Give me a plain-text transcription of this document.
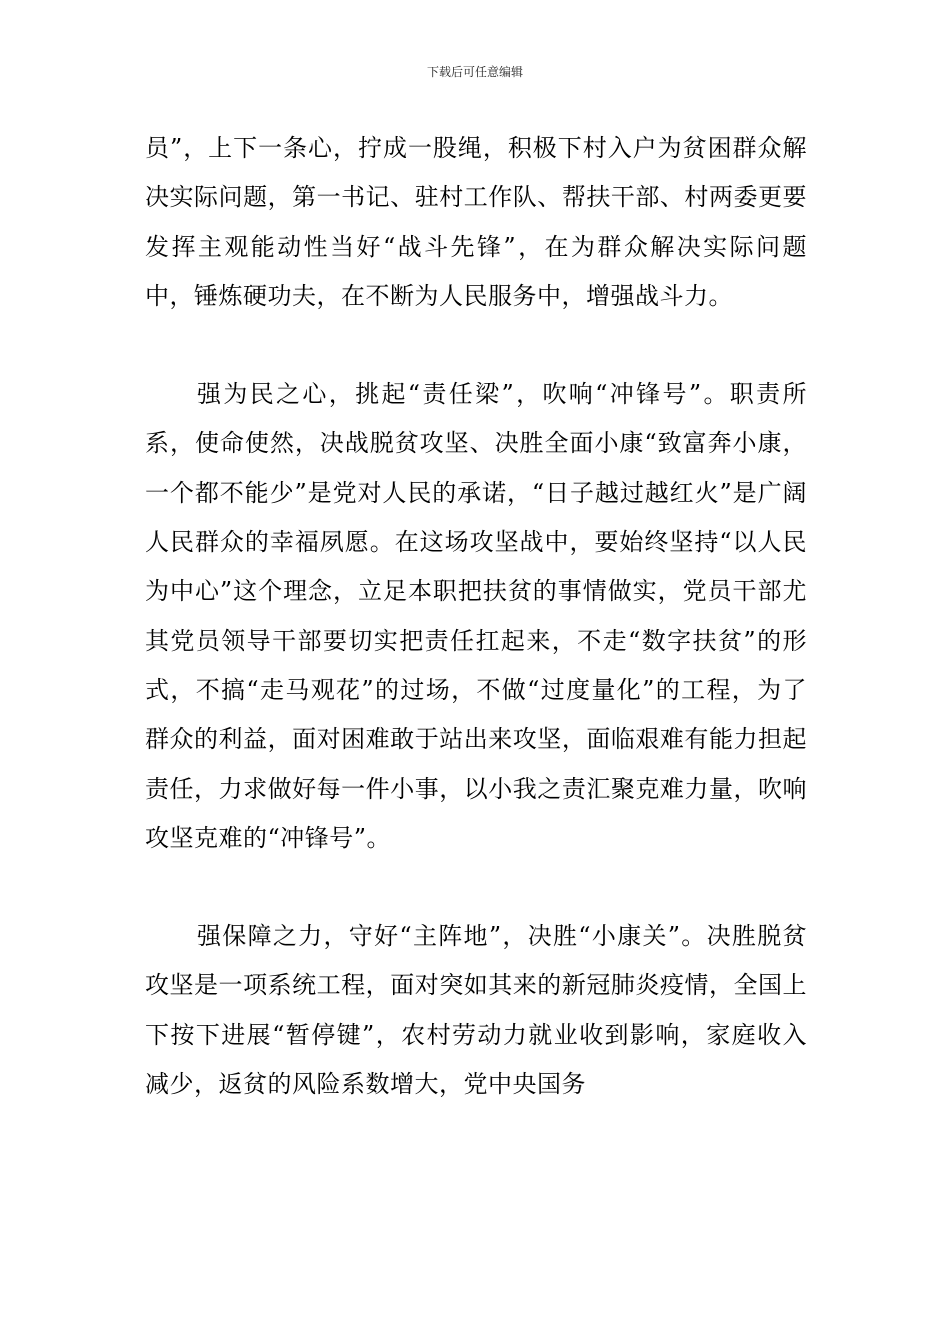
下载后可任意编辑

员”，上下一条心，拧成一股绳，积极下村入户为贫困群众解决实际问题，第一书记、驻村工作队、帮扶干部、村两委更要发挥主观能动性当好“战斗先锋”，在为群众解决实际问题中，锤炼硬功夫，在不断为人民服务中，增强战斗力。

强为民之心，挑起“责任梁”，吹响“冲锋号”。职责所系，使命使然，决战脱贫攻坚、决胜全面小康“致富奔小康，一个都不能少”是党对人民的承诺，“日子越过越红火”是广阔人民群众的幸福夙愿。在这场攻坚战中，要始终坚持“以人民为中心”这个理念，立足本职把扶贫的事情做实，党员干部尤其党员领导干部要切实把责任扛起来，不走“数字扶贫”的形式，不搞“走马观花”的过场，不做“过度量化”的工程，为了群众的利益，面对困难敢于站出来攻坚，面临艰难有能力担起责任，力求做好每一件小事，以小我之责汇聚克难力量，吹响攻坚克难的“冲锋号”。

强保障之力，守好“主阵地”，决胜“小康关”。决胜脱贫攻坚是一项系统工程，面对突如其来的新冠肺炎疫情，全国上下按下进展“暂停键”，农村劳动力就业收到影响，家庭收入减少，返贫的风险系数增大，党中央国务
